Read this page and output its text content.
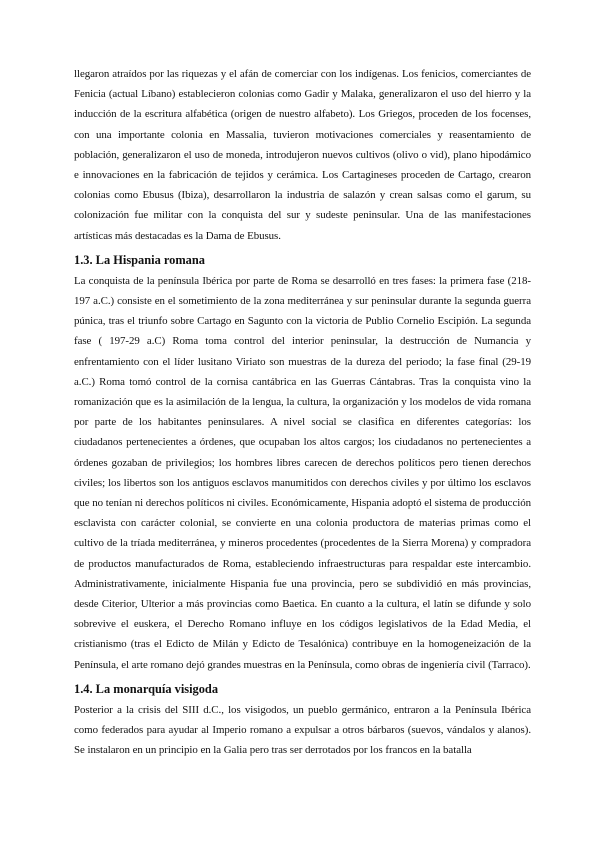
llegaron atraídos por las riquezas y el afán de comerciar con los indígenas. Los fenicios, comerciantes de Fenicia (actual Líbano) establecieron colonias como Gadir y Malaka, generalizaron el uso del hierro y la inducción de la escritura alfabética (origen de nuestro alfabeto). Los Griegos, proceden de los focenses, con una importante colonia en Massalia, tuvieron motivaciones comerciales y reasentamiento de población, generalizaron el uso de moneda, introdujeron nuevos cultivos (olivo o vid), plano hipodámico e innovaciones en la fabricación de tejidos y cerámica. Los Cartagineses proceden de Cartago, crearon colonias como Ebusus (Ibiza), desarrollaron la industria de salazón y crean salsas como el garum, su colonización fue militar con la conquista del sur y sudeste peninsular. Una de las manifestaciones artísticas más destacadas es la Dama de Ebusus.

1.3. La Hispania romana

La conquista de la península Ibérica por parte de Roma se desarrolló en tres fases: la primera fase (218-197 a.C.) consiste en el sometimiento de la zona mediterránea y sur peninsular durante la segunda guerra púnica, tras el triunfo sobre Cartago en Sagunto con la victoria de Publio Cornelio Escipión. La segunda fase ( 197-29 a.C) Roma toma control del interior peninsular, la destrucción de Numancia y enfrentamiento con el líder lusitano Viriato son muestras de la dureza del periodo; la fase final (29-19 a.C.) Roma tomó control de la cornisa cantábrica en las Guerras Cántabras. Tras la conquista vino la romanización que es la asimilación de la lengua, la cultura, la organización y los modelos de vida romana por parte de los habitantes peninsulares. A nivel social se clasifica en diferentes categorías: los ciudadanos pertenecientes a órdenes, que ocupaban los altos cargos; los ciudadanos no pertenecientes a órdenes gozaban de privilegios; los hombres libres carecen de derechos políticos pero tienen derechos civiles; los libertos son los antiguos esclavos manumitidos con derechos civiles y por último los esclavos que no tenían ni derechos políticos ni civiles. Económicamente, Hispania adoptó el sistema de producción esclavista con carácter colonial, se convierte en una colonia productora de materias primas como el cultivo de la tríada mediterránea, y mineros procedentes (procedentes de la Sierra Morena) y compradora de productos manufacturados de Roma, estableciendo infraestructuras para respaldar este intercambio. Administrativamente, inicialmente Hispania fue una provincia, pero se subdividió en más provincias, desde Citerior, Ulterior a más provincias como Baetica. En cuanto a la cultura, el latín se difunde y solo sobrevive el euskera, el Derecho Romano influye en los códigos legislativos de la Edad Media, el cristianismo (tras el Edicto de Milán y Edicto de Tesalónica) contribuye en la homogeneización de la Península, el arte romano dejó grandes muestras en la Península, como obras de ingeniería civil (Tarraco).

1.4. La monarquía visigoda

Posterior a la crisis del SIII d.C., los visigodos, un pueblo germánico, entraron a la Península Ibérica como federados para ayudar al Imperio romano a expulsar a otros bárbaros (suevos, vándalos y alanos). Se instalaron en un principio en la Galia pero tras ser derrotados por los francos en la batalla
